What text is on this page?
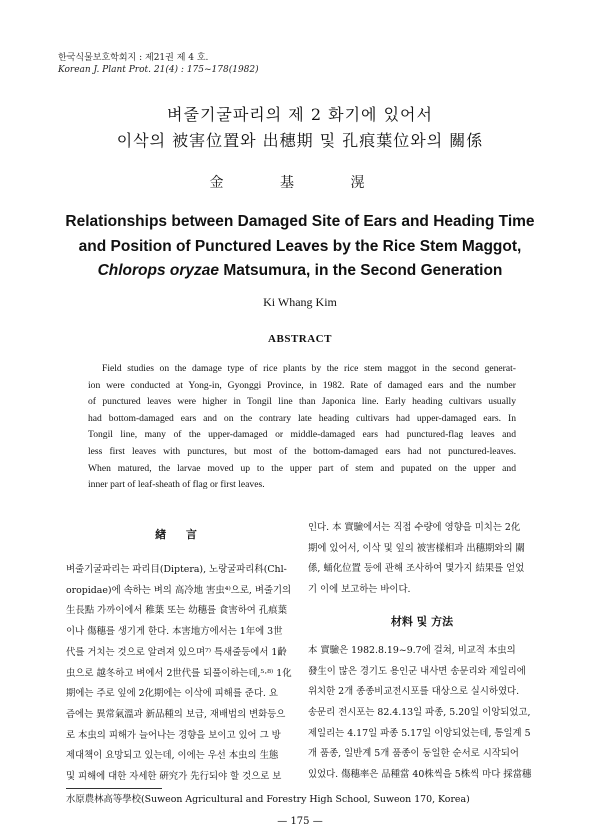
한국식물보호학회지 : 제21권 제 4 호.
Korean J. Plant Prot. 21(4) : 175~178(1982)
벼줄기굴파리의 제 2 화기에 있어서
이삭의 被害位置와 出穗期 및 孔痕葉位와의 關係
金 基 滉
Relationships between Damaged Site of Ears and Heading Time
and Position of Punctured Leaves by the Rice Stem Maggot,
Chlorops oryzae Matsumura, in the Second Generation
Ki Whang Kim
ABSTRACT
Field studies on the damage type of rice plants by the rice stem maggot in the second generat-
ion were conducted at Yong-in, Gyonggi Province, in 1982. Rate of damaged ears and the number
of punctured leaves were higher in Tongil line than Japonica line. Early heading cultivars usually
had bottom-damaged ears and on the contrary late heading cultivars had upper-damaged ears. In
Tongil line, many of the upper-damaged or middle-damaged ears had punctured-flag leaves and
less first leaves with punctures, but most of the bottom-damaged ears had not punctured-leaves.
When matured, the larvae moved up to the upper part of stem and pupated on the upper and
inner part of leaf-sheath of flag or first leaves.
緖 言
벼줄기굴파리는 파리目(Diptera), 노랑굴파리科(Chl-
oropidae)에 속하는 벼의 高冷地 害虫⁴⁾으로, 벼줄기의
生長點 가까이에서 稚葉 또는 幼穗를 食害하여 孔痕葉
이나 傷穗를 생기게 한다. 本害地方에서는 1年에 3世
代를 거치는 것으로 알려져 있으며⁷⁾ 특새줄등에서 1齡
虫으로 越冬하고 벼에서 2世代를 되풀이하는데,⁵·⁸⁾ 1化
期에는 주로 잎에 2化期에는 이삭에 피해를 준다. 요
즘에는 異常氣溫과 新品種의 보급, 재배법의 변화등으
로 本虫의 피해가 늘어나는 경향을 보이고 있어 그 방
제대책이 요망되고 있는데, 이에는 우선 本虫의 生態
및 피해에 대한 자세한 硏究가 先行되야 할 것으로 보
인다. 本 實驗에서는 직접 수량에 영향을 미치는 2化
期에 있어서, 이삭 및 잎의 被害樣相과 出穗期와의 關
係, 蛹化位置 등에 관해 조사하여 몇가지 結果를 얻었
기 이에 보고하는 바이다.
材料 및 方法
本 實驗은 1982.8.19~9.7에 걸쳐, 비교적 本虫의
發生이 많은 경기도 용인군 내사면 송문리와 제일리에
위치한 2개 종종비교전시포를 대상으로 실시하였다.
송문리 전시포는 82.4.13일 파종, 5.20일 이앙되었고,
제일리는 4.17일 파종 5.17일 이앙되었는데, 통일계 5
개 품종, 일반계 5개 품종이 동일한 순서로 시작되어
있었다. 傷穗率은 品種當 40株씩을 5株씩 마다 採當穗
水原農林高等學校(Suweon Agricultural and Forestry High School, Suweon 170, Korea)
— 175 —
